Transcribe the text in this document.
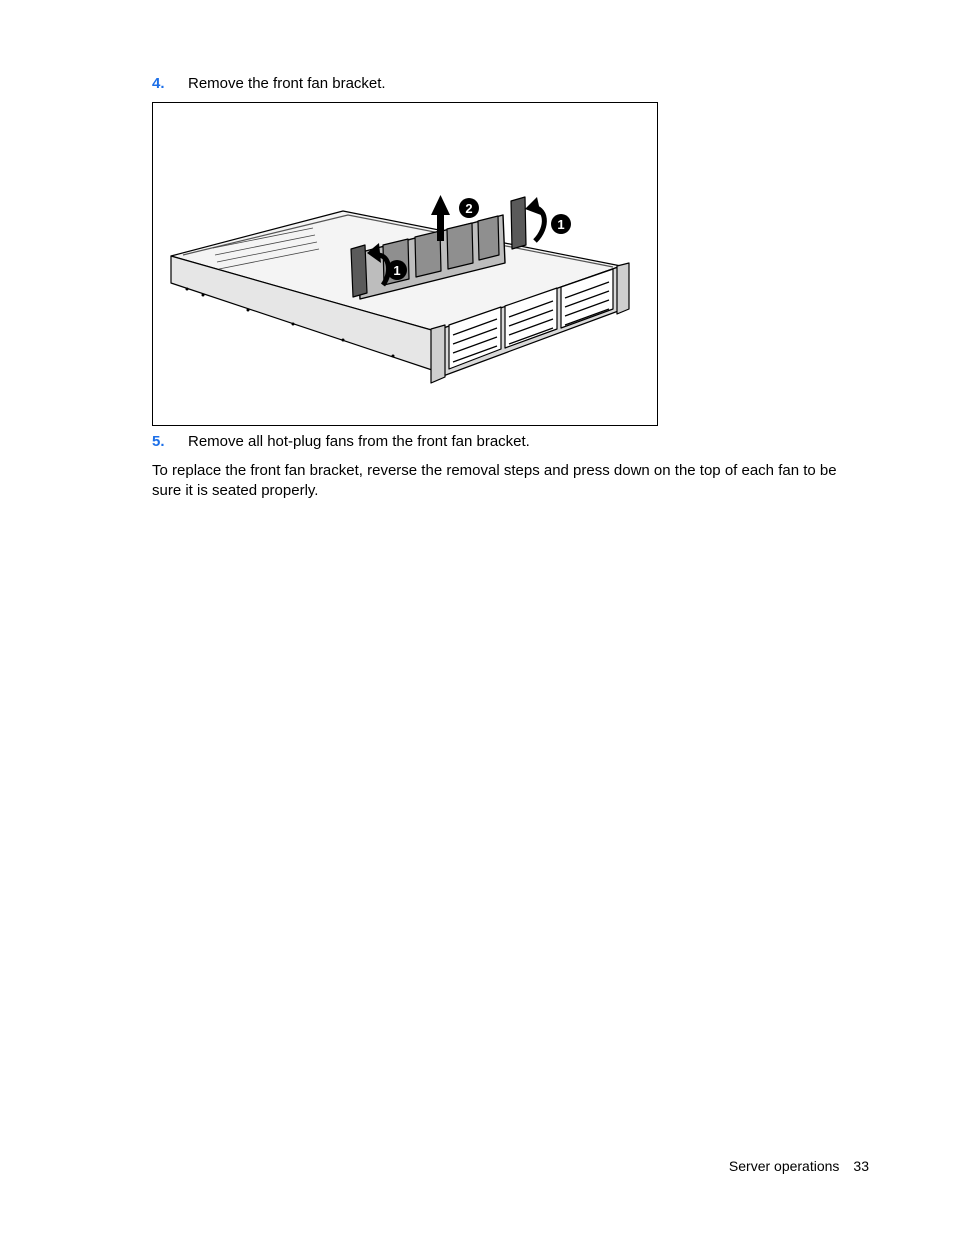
4. Remove the front fan bracket.
1
2
1
5. Remove all hot-plug fans from the front fan bracket.
To replace the front fan bracket, reverse the removal steps and press down on the top of each fan to be sure it is seated properly.
Server operations 33
